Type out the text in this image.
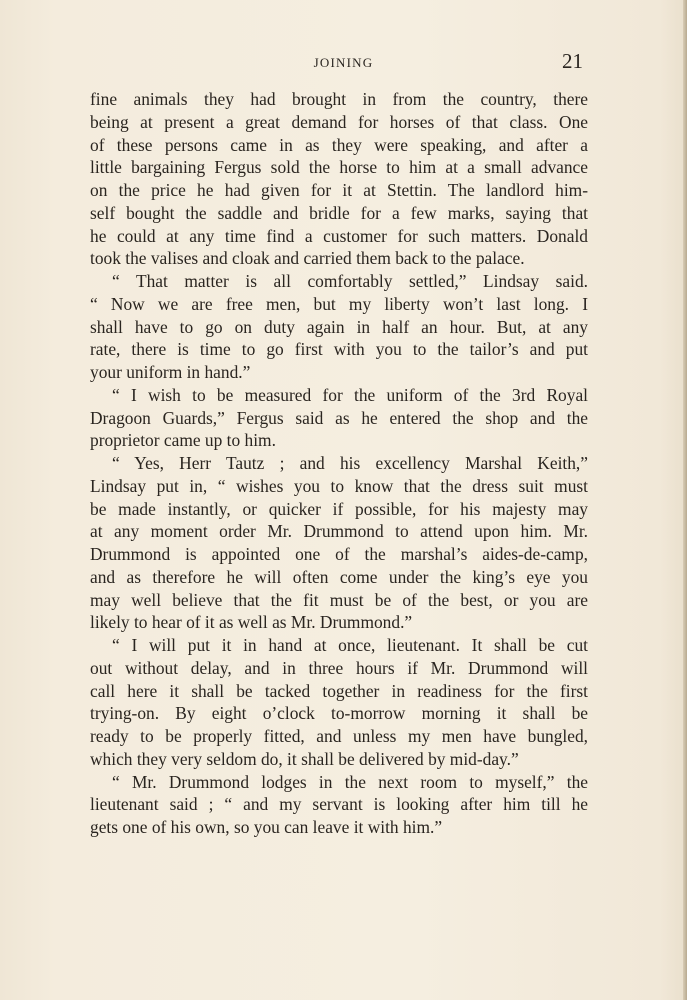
JOINING	21
fine animals they had brought in from the country, there
being at present a great demand for horses of that class. One
of these persons came in as they were speaking, and after a
little bargaining Fergus sold the horse to him at a small advance
on the price he had given for it at Stettin. The landlord him-
self bought the saddle and bridle for a few marks, saying that
he could at any time find a customer for such matters. Donald
took the valises and cloak and carried them back to the palace.
“ That matter is all comfortably settled,” Lindsay said.
“ Now we are free men, but my liberty won’t last long. I
shall have to go on duty again in half an hour. But, at any
rate, there is time to go first with you to the tailor’s and put
your uniform in hand.”
“ I wish to be measured for the uniform of the 3rd Royal
Dragoon Guards,” Fergus said as he entered the shop and the
proprietor came up to him.
“ Yes, Herr Tautz ; and his excellency Marshal Keith,”
Lindsay put in, “ wishes you to know that the dress suit must
be made instantly, or quicker if possible, for his majesty may
at any moment order Mr. Drummond to attend upon him. Mr.
Drummond is appointed one of the marshal’s aides-de-camp,
and as therefore he will often come under the king’s eye you
may well believe that the fit must be of the best, or you are
likely to hear of it as well as Mr. Drummond.”
“ I will put it in hand at once, lieutenant. It shall be cut
out without delay, and in three hours if Mr. Drummond will
call here it shall be tacked together in readiness for the first
trying-on. By eight o’clock to-morrow morning it shall be
ready to be properly fitted, and unless my men have bungled,
which they very seldom do, it shall be delivered by mid-day.”
“ Mr. Drummond lodges in the next room to myself,” the
lieutenant said ; “ and my servant is looking after him till he
gets one of his own, so you can leave it with him.”
